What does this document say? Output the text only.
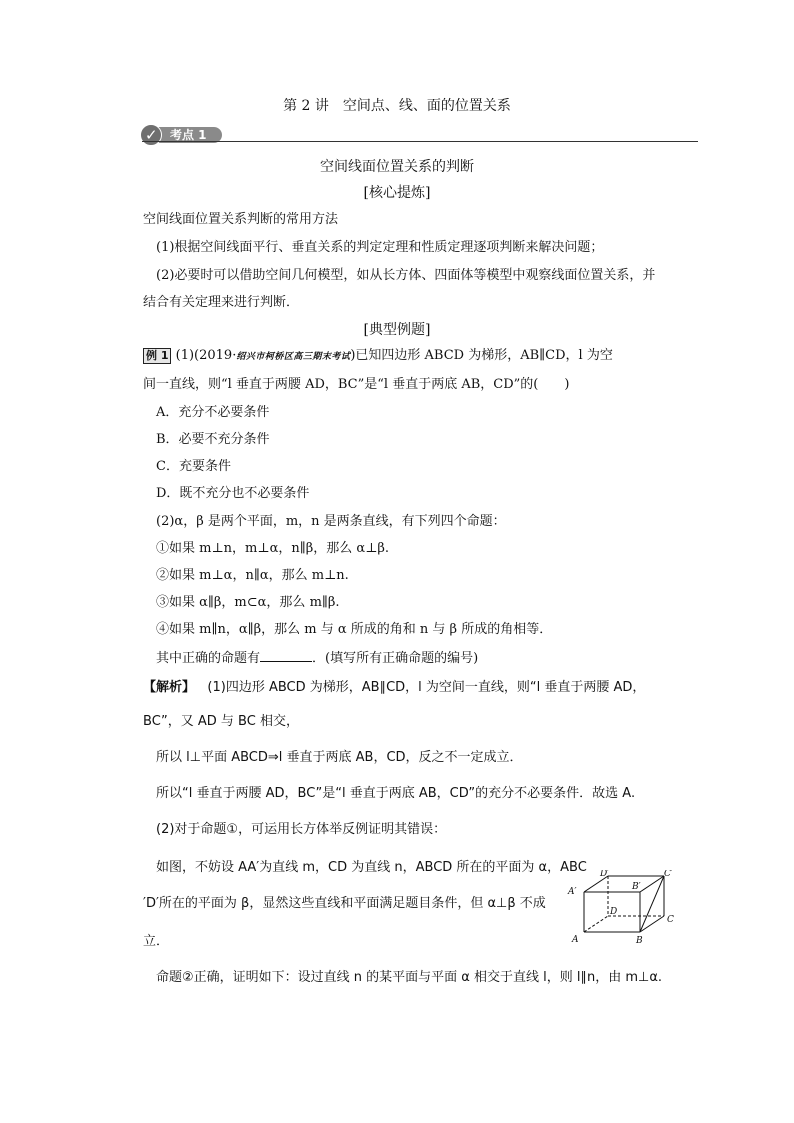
第 2 讲　空间点、线、面的位置关系
✓ 考点 1
空间线面位置关系的判断
[核心提炼]
空间线面位置关系判断的常用方法
(1)根据空间线面平行、垂直关系的判定定理和性质定理逐项判断来解决问题；
(2)必要时可以借助空间几何模型，如从长方体、四面体等模型中观察线面位置关系，并
结合有关定理来进行判断．
[典型例题]
例 1 (1)(2019·绍兴市柯桥区高三期末考试)已知四边形 ABCD 为梯形，AB∥CD，l 为空
间一直线，则“l 垂直于两腰 AD，BC”是“l 垂直于两底 AB，CD”的(　　)
A．充分不必要条件
B．必要不充分条件
C．充要条件
D．既不充分也不必要条件
(2)α，β 是两个平面，m，n 是两条直线，有下列四个命题：
①如果 m⊥n，m⊥α，n∥β，那么 α⊥β.
②如果 m⊥α，n∥α，那么 m⊥n.
③如果 α∥β，m⊂α，那么 m∥β.
④如果 m∥n，α∥β，那么 m 与 α 所成的角和 n 与 β 所成的角相等．
其中正确的命题有	．(填写所有正确命题的编号)
【解析】 (1)四边形 ABCD 为梯形，AB∥CD，l 为空间一直线，则“l 垂直于两腰 AD，
BC”，又 AD 与 BC 相交，
所以 l⊥平面 ABCD⇒l 垂直于两底 AB，CD，反之不一定成立．
所以“l 垂直于两腰 AD，BC”是“l 垂直于两底 AB，CD”的充分不必要条件．故选 A.
(2)对于命题①，可运用长方体举反例证明其错误：
如图，不妨设 AA′为直线 m，CD 为直线 n，ABCD 所在的平面为 α，ABC
′D′所在的平面为 β，显然这些直线和平面满足题目条件，但 α⊥β 不成
立．
命题②正确，证明如下：设过直线 n 的某平面与平面 α 相交于直线 l，则 l∥n，由 m⊥α.
A	B
C
D
A′	B′
C′
D′
